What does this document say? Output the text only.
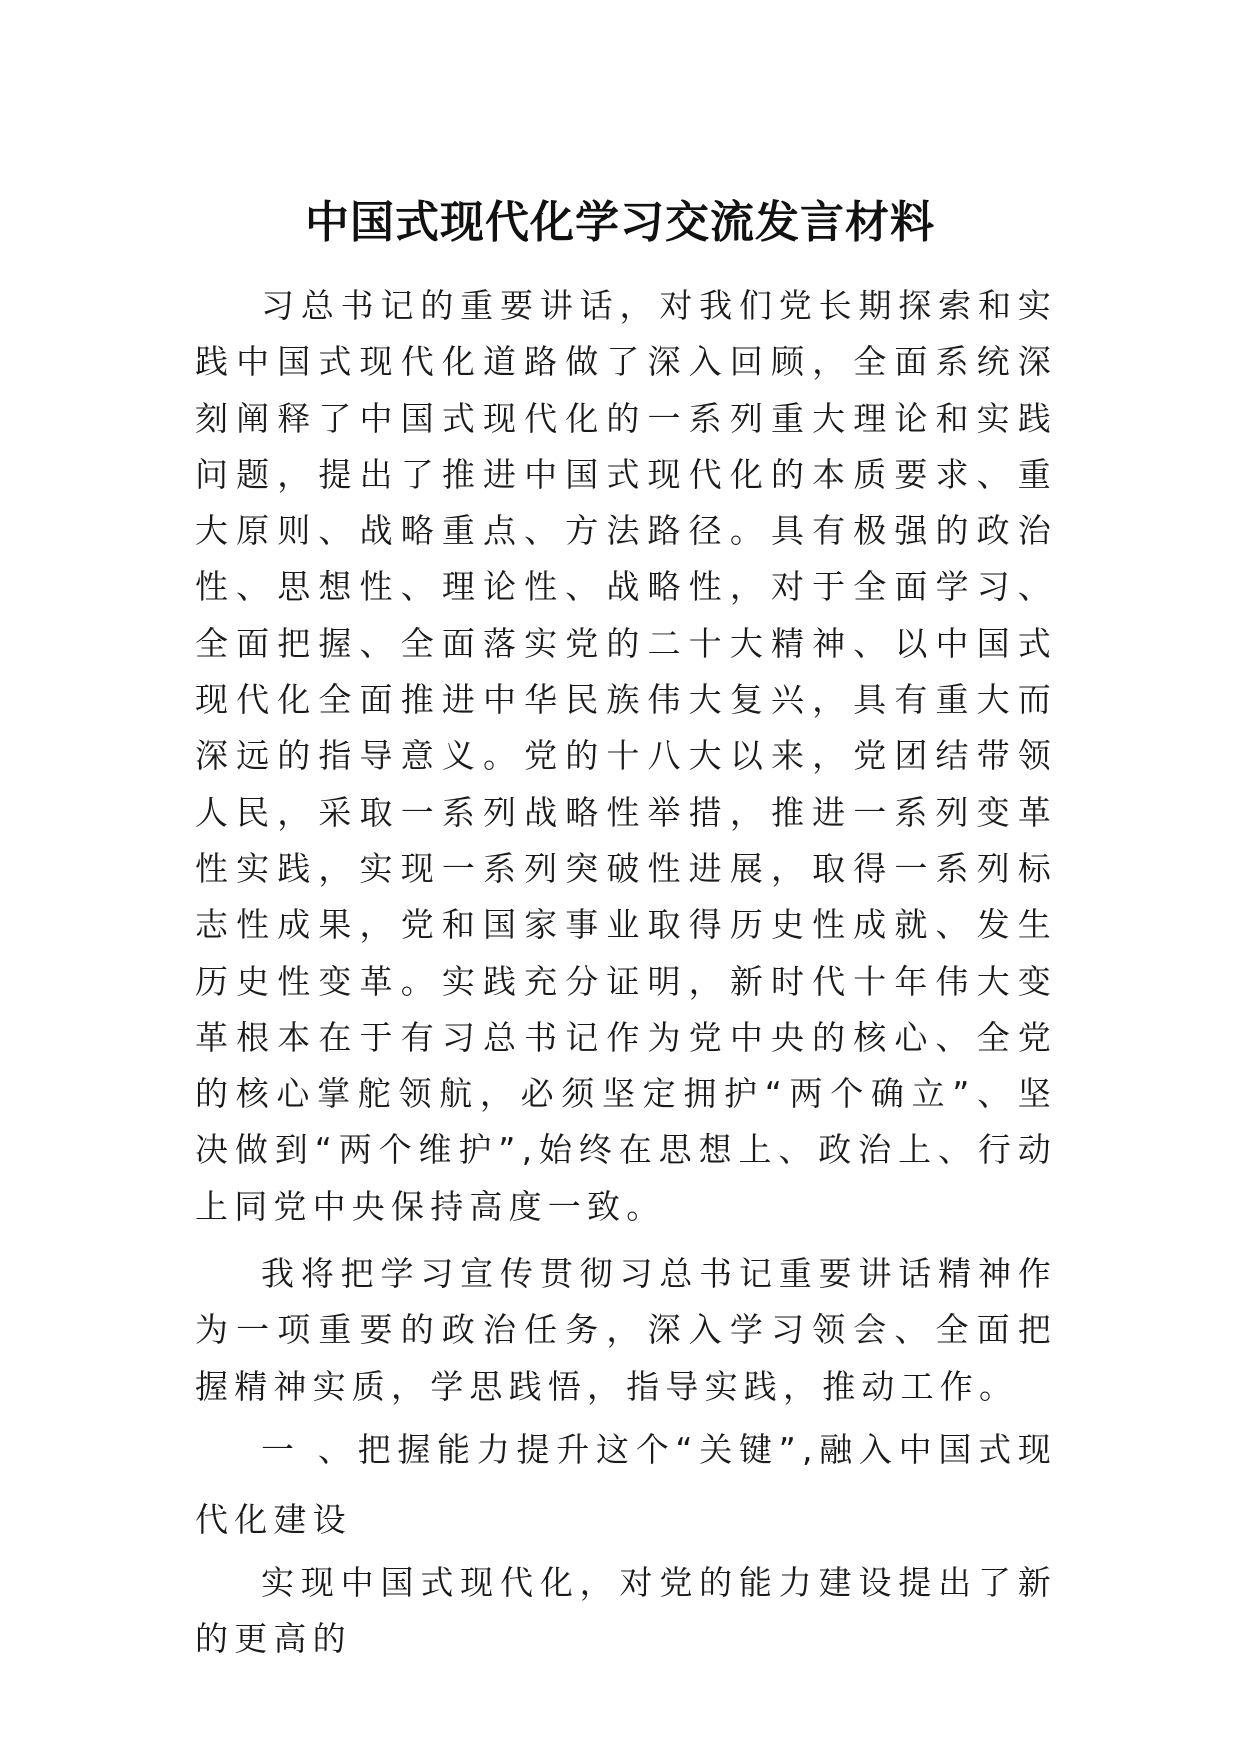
中国式现代化学习交流发言材料

习总书记的重要讲话，对我们党长期探索和实践中国式现代化道路做了深入回顾，全面系统深刻阐释了中国式现代化的一系列重大理论和实践问题，提出了推进中国式现代化的本质要求、重大原则、战略重点、方法路径。具有极强的政治性、思想性、理论性、战略性，对于全面学习、全面把握、全面落实党的二十大精神、以中国式现代化全面推进中华民族伟大复兴，具有重大而深远的指导意义。党的十八大以来，党团结带领人民，采取一系列战略性举措，推进一系列变革性实践，实现一系列突破性进展，取得一系列标志性成果，党和国家事业取得历史性成就、发生历史性变革。实践充分证明，新时代十年伟大变革根本在于有习总书记作为党中央的核心、全党的核心掌舵领航，必须坚定拥护“两个确立”、坚决做到“两个维护”,始终在思想上、政治上、行动上同党中央保持高度一致。

我将把学习宣传贯彻习总书记重要讲话精神作为一项重要的政治任务，深入学习领会、全面把握精神实质，学思践悟，指导实践，推动工作。

一 、把握能力提升这个“关键”,融入中国式现代化建设

实现中国式现代化，对党的能力建设提出了新的更高的
